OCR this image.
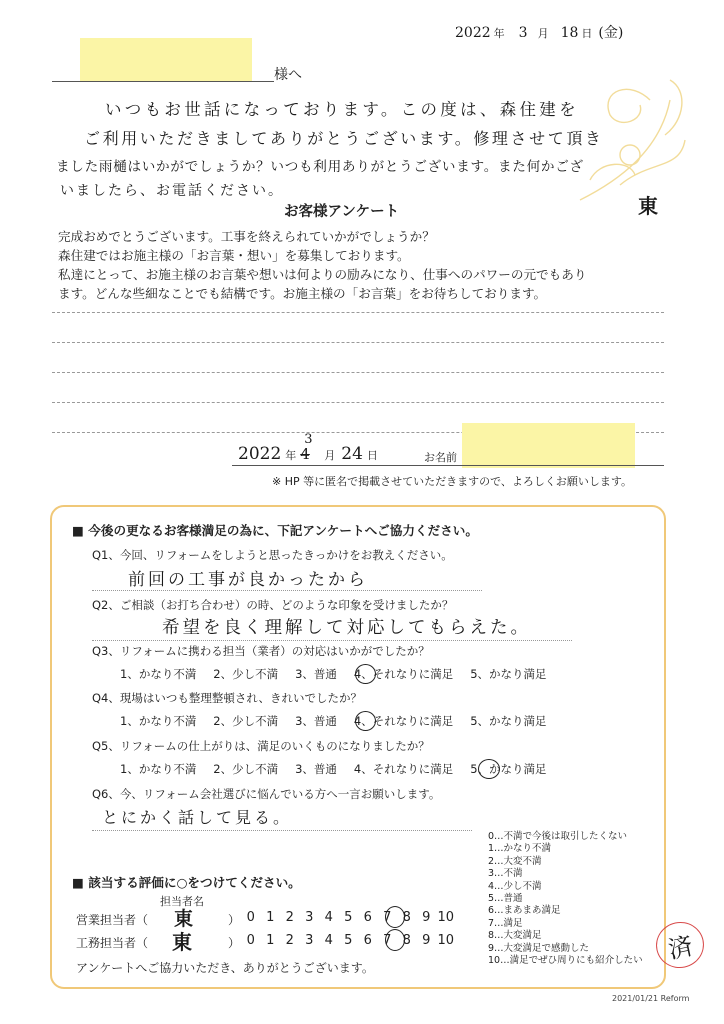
2022 年 3 月 18 日 (金)
様へ
いつもお世話になっております。この度は、森住建を
ご利用いただきましてありがとうございます。修理させて頂き
ました雨樋はいかがでしょうか？いつも利用ありがとうございます。また何かござ
いましたら、お電話ください。
東
お客様アンケート
完成おめでとうございます。工事を終えられていかがでしょうか？
森住建ではお施主様の「お言葉・想い」を募集しております。
私達にとって、お施主様のお言葉や想いは何よりの励みになり、仕事へのパワーの元でもあり
ます。どんな些細なことでも結構です。お施主様の「お言葉」をお待ちしております。
2022 年
3
4 月 24 日	お名前
※ HP 等に匿名で掲載させていただきますので、よろしくお願いします。
■ 今後の更なるお客様満足の為に、下記アンケートへご協力ください。
Q1、今回、リフォームをしようと思ったきっかけをお教えください。
前回の工事が良かったから
Q2、ご相談（お打ち合わせ）の時、どのような印象を受けましたか？
希望を良く理解して対応してもらえた。
Q3、リフォームに携わる担当（業者）の対応はいかがでしたか？
1、かなり不満 2、少し不満 3、普通 4、それなりに満足 5、かなり満足
Q4、現場はいつも整理整頓され、きれいでしたか？
1、かなり不満 2、少し不満 3、普通 4、それなりに満足 5、かなり満足
Q5、リフォームの仕上がりは、満足のいくものになりましたか？
1、かなり不満 2、少し不満 3、普通 4、それなりに満足 5、かなり満足
Q6、今、リフォーム会社選びに悩んでいる方へ一言お願いします。
とにかく話して見る。
0…不満で今後は取引したくない
1…かなり不満
2…大変不満
3…不満
4…少し不満
5…普通
6…まあまあ満足
7…満足
8…大変満足
9…大変満足で感動した
10…満足でぜひ周りにも紹介したい
■ 該当する評価に○をつけてください。
担当者名
営業担当者（ 東	） 0 1 2 3 4 5 6 7 8 9 10
工務担当者（ 東	） 0 1 2 3 4 5 6 7 8 9 10
アンケートへご協力いただき、ありがとうございます。
済
2021/01/21 Reform
